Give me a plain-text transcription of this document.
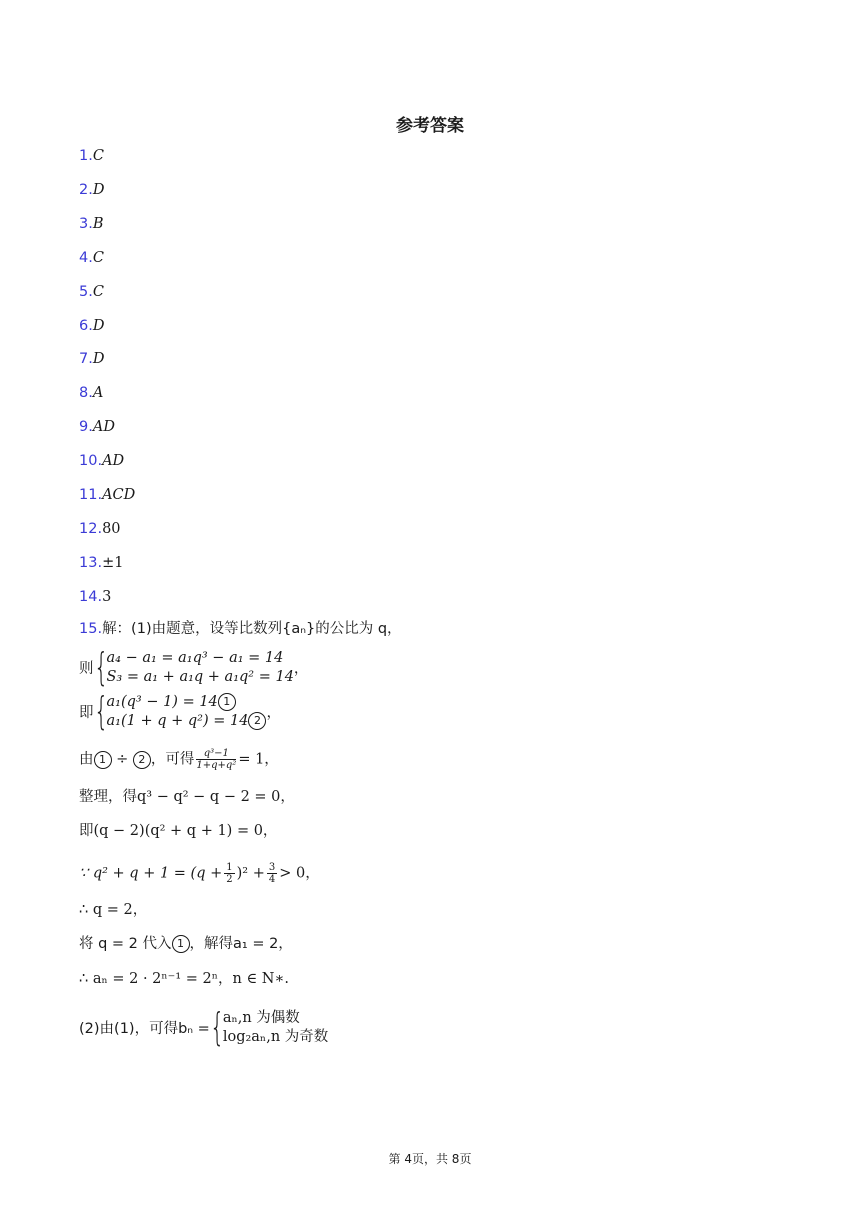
参考答案
1.C
2.D
3.B
4.C
5.C
6.D
7.D
8.A
9.AD
10.AD
11.ACD
12.80
13.±1
14.3
15.解：(1)由题意，设等比数列{aₙ}的公比为 q，
则 {
a₄ − a₁ = a₁q³ − a₁ = 14
S₃ = a₁ + a₁q + a₁q² = 14 ，
即 {
a₁(q³ − 1) = 14 1
a₁(1 + q + q²) = 14 2 ，
由 1 ÷ 2 ，可得 $\frac{\text{q³−1}}{\text{1+q+q²}} = 1$，
整理，得q³ − q² − q − 2 = 0，
即(q − 2)(q² + q + 1) = 0，
∵ $q^2 + q + 1 = (q + \frac{1}{2} )^2 + \frac{3}{4} > 0$，
∴ q = 2，
将 q = 2 代入 1 ，解得a₁ = 2，
∴ aₙ = 2 · 2ⁿ⁻¹ = 2ⁿ，n ∈ N∗.
(2)由(1)，可得bₙ = {
aₙ,n 为偶数
log₂aₙ,n 为奇数
第 4页，共 8页
